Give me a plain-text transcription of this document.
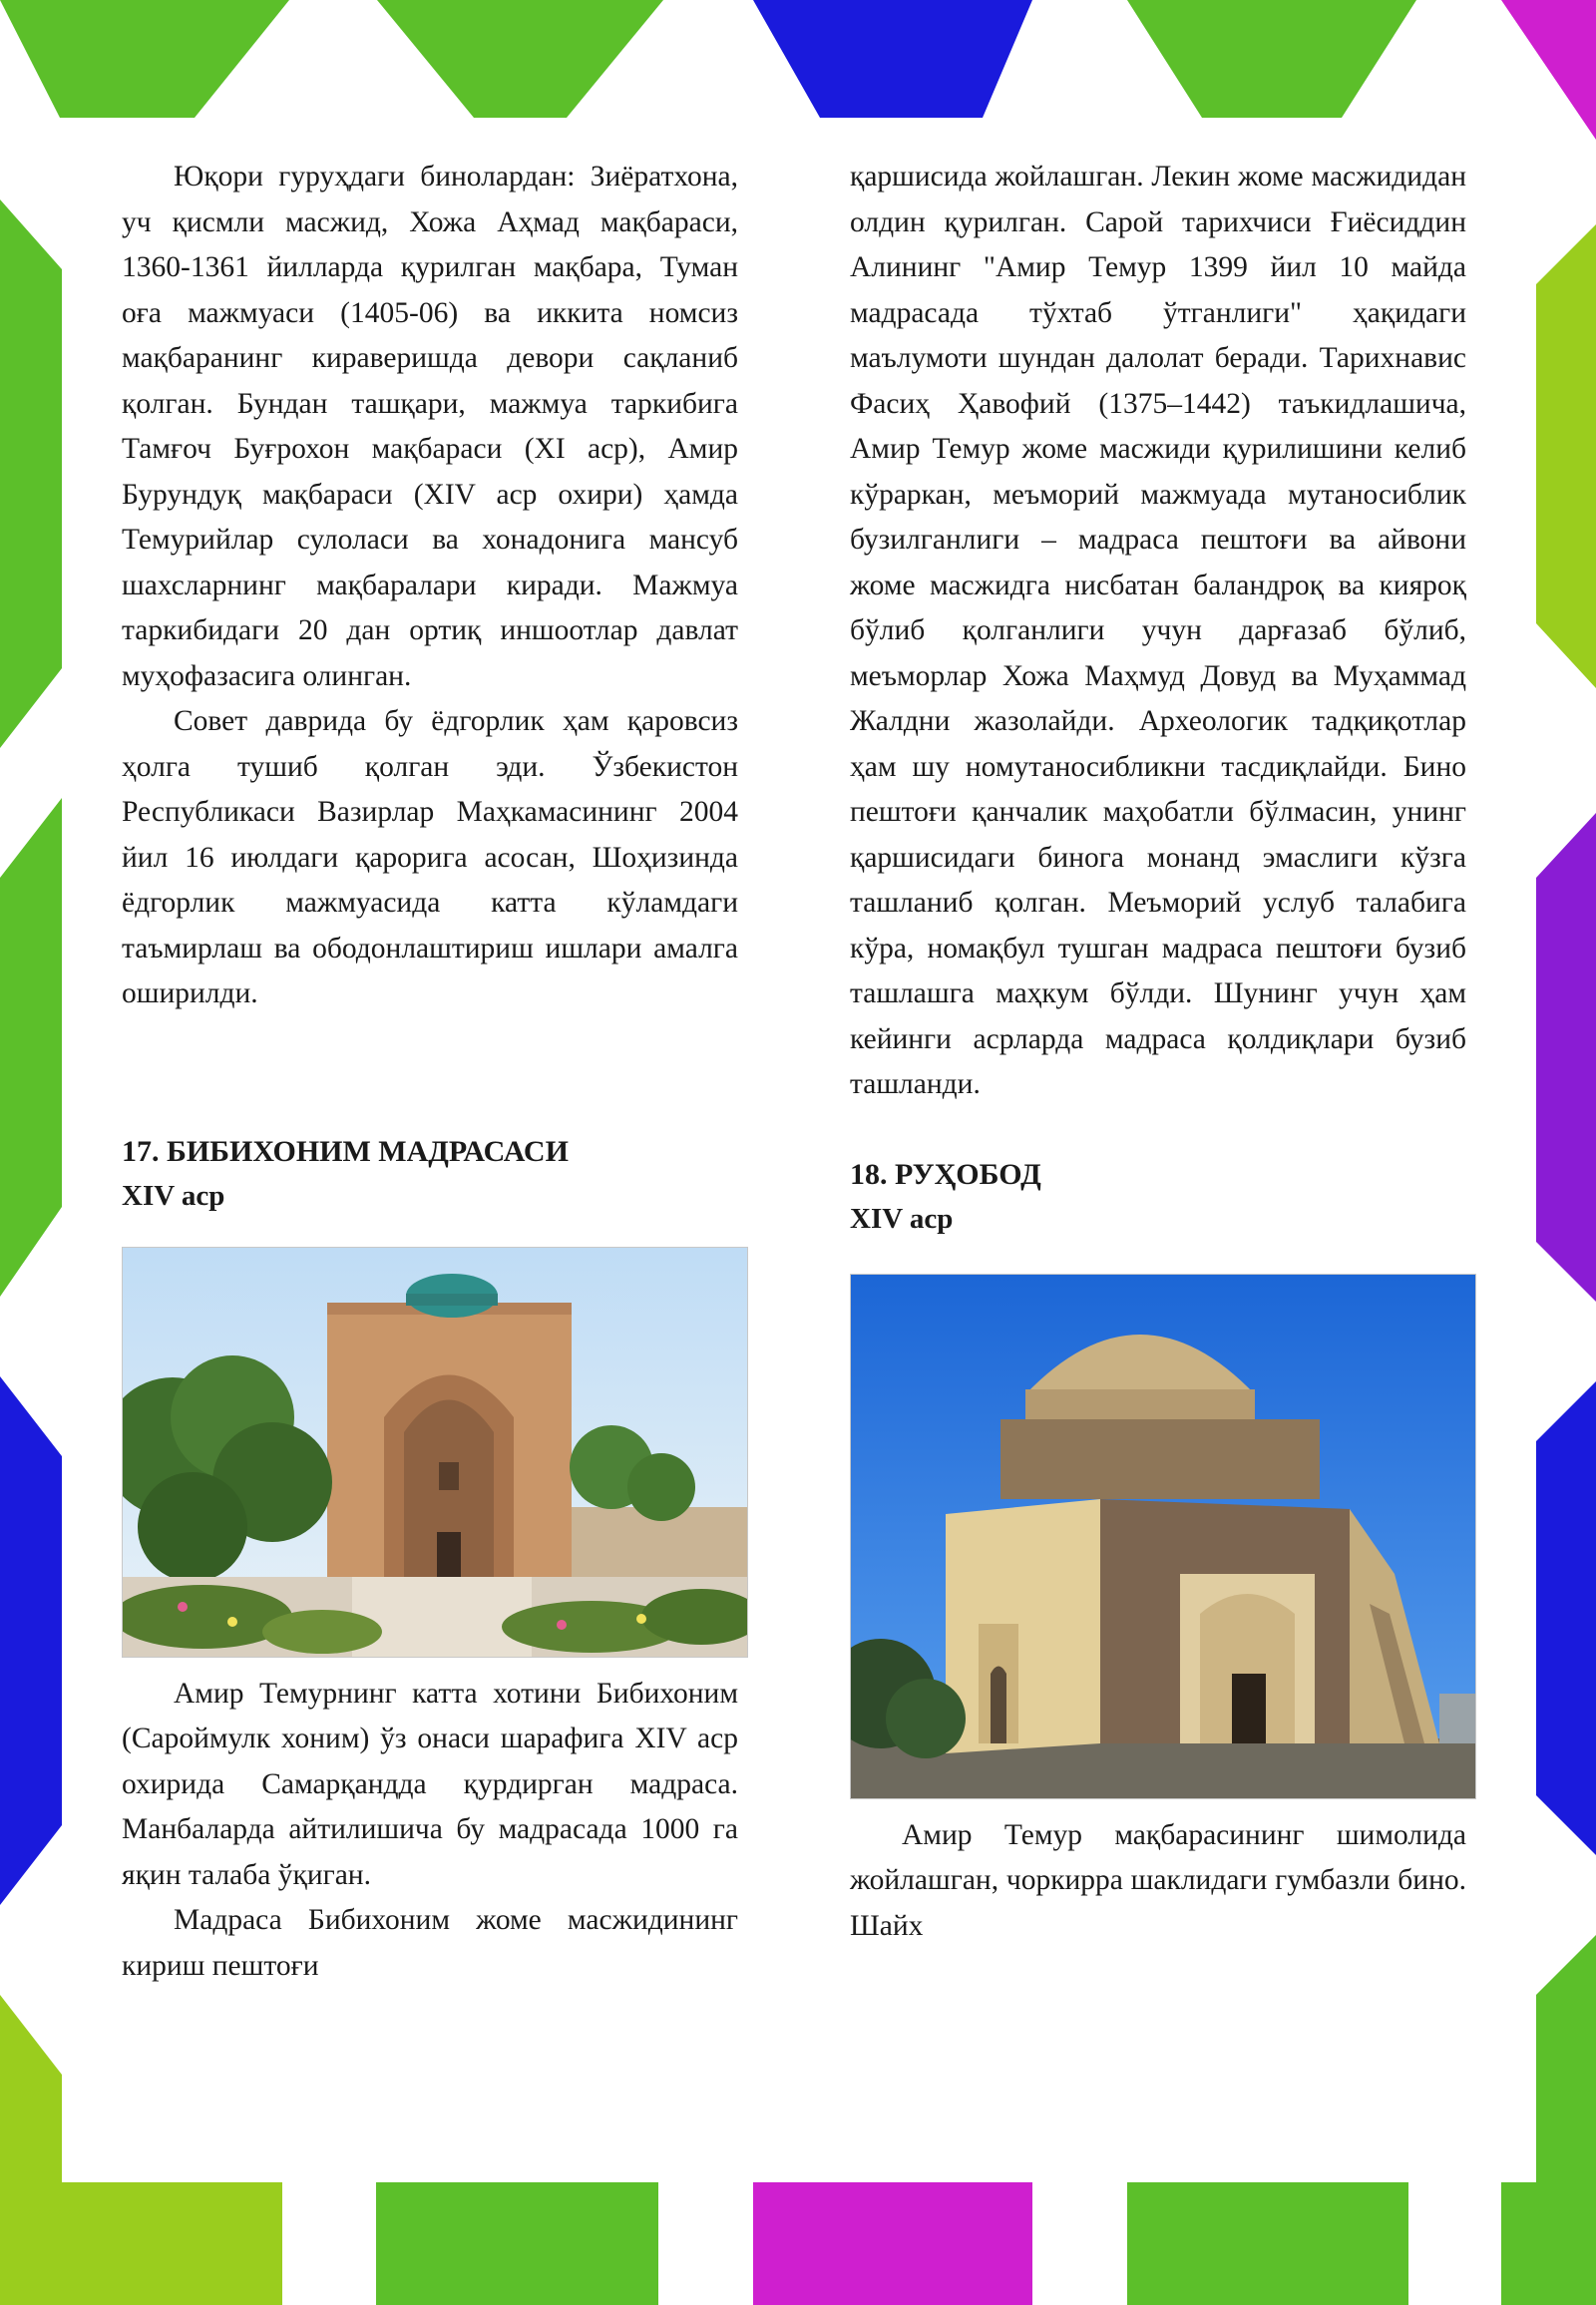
Юқори гуруҳдаги бинолардан: Зиёратхона, уч қисмли масжид, Хожа Аҳмад мақбараси, 1360-1361 йилларда қурилган мақбара, Туман оға мажмуаси (1405-06) ва иккита номсиз мақбаранинг кираверишда девори сақланиб қолган. Бундан ташқари, мажмуа таркибига Тамғоч Буғрохон мақбараси (XI аср), Амир Бурундуқ мақбараси (XIV аср охири) ҳамда Темурийлар сулоласи ва хонадонига мансуб шахсларнинг мақбаралари киради. Мажмуа таркибидаги 20 дан ортиқ иншоотлар давлат муҳофазасига олинган.

Совет даврида бу ёдгорлик ҳам қаровсиз ҳолга тушиб қолган эди. Ўзбекистон Республикаси Вазирлар Маҳкамасининг 2004 йил 16 июлдаги қарорига асосан, Шоҳизинда ёдгорлик мажмуасида катта кўламдаги таъмирлаш ва ободонлаштириш ишлари амалга оширилди.

17. БИБИХОНИМ МАДРАСАСИ

XIV аср

Амир Темурнинг катта хотини Бибихоним (Сароймулк хоним) ўз онаси шарафига XIV аср охирида Самарқандда қурдирган мадраса. Манбаларда айтилишича бу мадрасада 1000 га яқин талаба ўқиган.

Мадраса Бибихоним жоме масжидининг кириш пештоғи

қаршисида жойлашган. Лекин жоме масжидидан олдин қурилган. Сарой тарихчиси Ғиёсиддин Алининг "Амир Темур 1399 йил 10 майда мадрасада тўхтаб ўтганлиги" ҳақидаги маълумоти шундан далолат беради. Тарихнавис Фасиҳ Ҳавофий (1375–1442) таъкидлашича, Амир Темур жоме масжиди қурилишини келиб кўраркан, меъморий мажмуада мутаносиблик бузилганлиги – мадраса пештоғи ва айвони жоме масжидга нисбатан баландроқ ва кияроқ бўлиб қолганлиги учун дарғазаб бўлиб, меъморлар Хожа Маҳмуд Довуд ва Муҳаммад Жалдни жазолайди. Археологик тадқиқотлар ҳам шу номутаносибликни тасдиқлайди. Бино пештоғи қанчалик маҳобатли бўлмасин, унинг қаршисидаги бинога монанд эмаслиги кўзга ташланиб қолган. Меъморий услуб талабига кўра, номақбул тушган мадраса пештоғи бузиб ташлашга маҳкум бўлди. Шунинг учун ҳам кейинги асрларда мадраса қолдиқлари бузиб ташланди.

18. РУҲОБОД

XIV аср

Амир Темур мақбарасининг шимолида жойлашган, чоркирра шаклидаги гумбазли бино. Шайх
